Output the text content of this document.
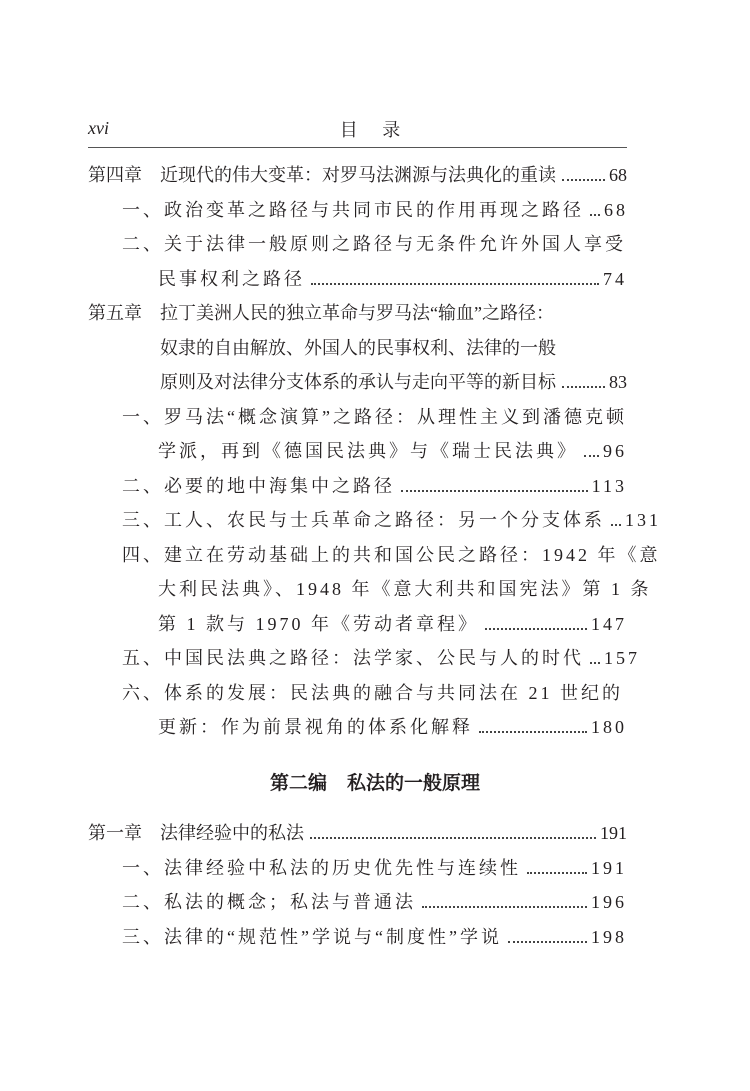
xvi	目 录
第四章	近现代的伟大变革：对罗马法渊源与法典化的重读	68
一、 政治变革之路径与共同市民的作用再现之路径 68
二、 关于法律一般原则之路径与无条件允许外国人享受
民事权利之路径	74
第五章	拉丁美洲人民的独立革命与罗马法“输血”之路径：
奴隶的自由解放、外国人的民事权利、法律的一般
原则及对法律分支体系的承认与走向平等的新目标	83
一、 罗马法“概念演算”之路径：从理性主义到潘德克顿
学派，再到《德国民法典》与《瑞士民法典》 96
二、 必要的地中海集中之路径	113
三、 工人、农民与士兵革命之路径：另一个分支体系 131
四、 建立在劳动基础上的共和国公民之路径：1942 年《意
大利民法典》、1948 年《意大利共和国宪法》第 1 条
第 1 款与 1970 年《劳动者章程》	147
五、 中国民法典之路径：法学家、公民与人的时代 157
六、 体系的发展：民法典的融合与共同法在 21 世纪的
更新：作为前景视角的体系化解释	180
第二编 私法的一般原理
第一章	法律经验中的私法	191
一、 法律经验中私法的历史优先性与连续性	191
二、 私法的概念；私法与普通法	196
三、 法律的“规范性”学说与“制度性”学说	198
